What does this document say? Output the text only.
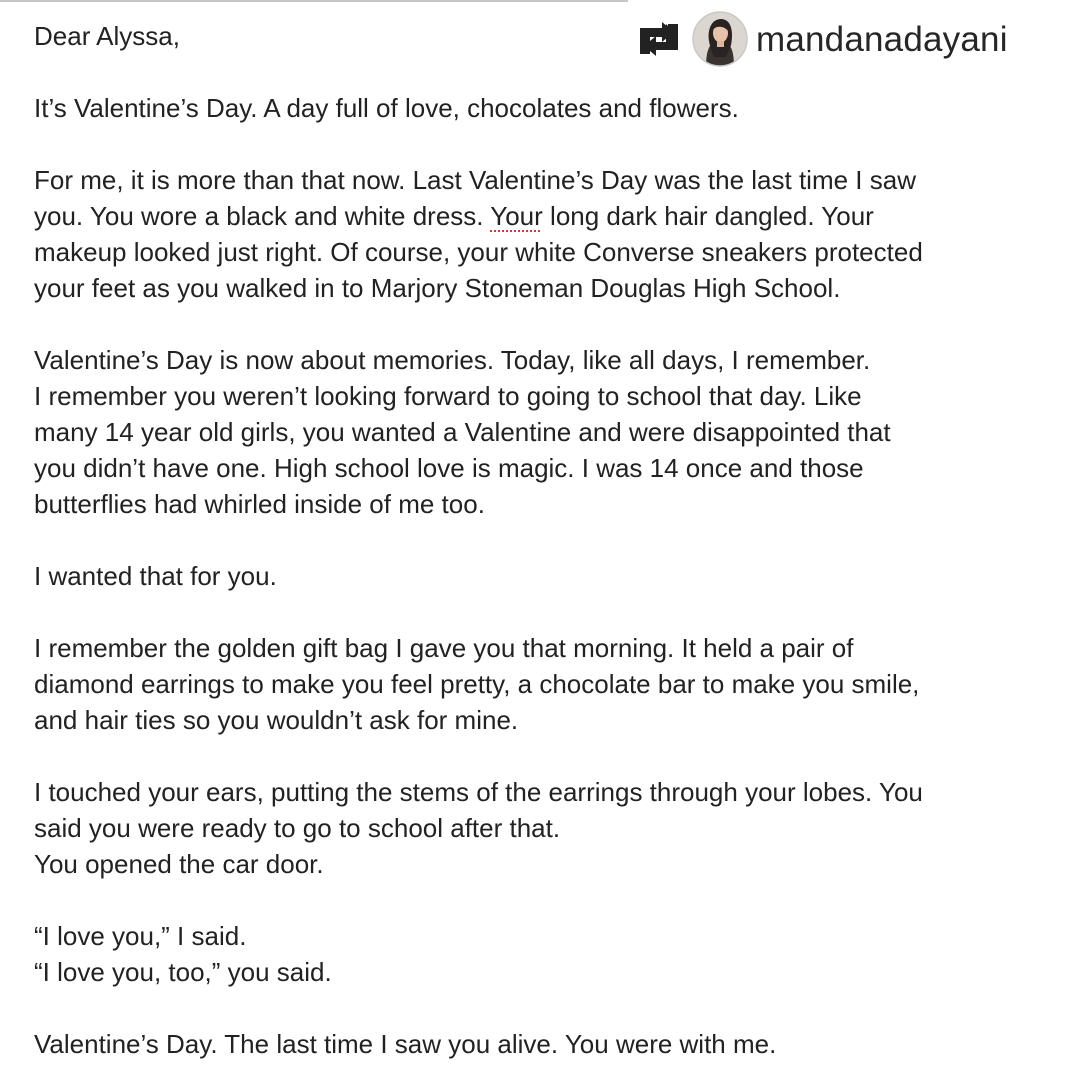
mandanadayani

Dear Alyssa,

It’s Valentine’s Day. A day full of love, chocolates and flowers.

For me, it is more than that now. Last Valentine’s Day was the last time I saw
you. You wore a black and white dress. Your long dark hair dangled. Your
makeup looked just right. Of course, your white Converse sneakers protected
your feet as you walked in to Marjory Stoneman Douglas High School.

Valentine’s Day is now about memories. Today, like all days, I remember.
I remember you weren’t looking forward to going to school that day. Like
many 14 year old girls, you wanted a Valentine and were disappointed that
you didn’t have one. High school love is magic. I was 14 once and those
butterflies had whirled inside of me too.

I wanted that for you.

I remember the golden gift bag I gave you that morning. It held a pair of
diamond earrings to make you feel pretty, a chocolate bar to make you smile,
and hair ties so you wouldn’t ask for mine.

I touched your ears, putting the stems of the earrings through your lobes. You
said you were ready to go to school after that.
You opened the car door.

“I love you,” I said.
“I love you, too,” you said.

Valentine’s Day. The last time I saw you alive. You were with me.
